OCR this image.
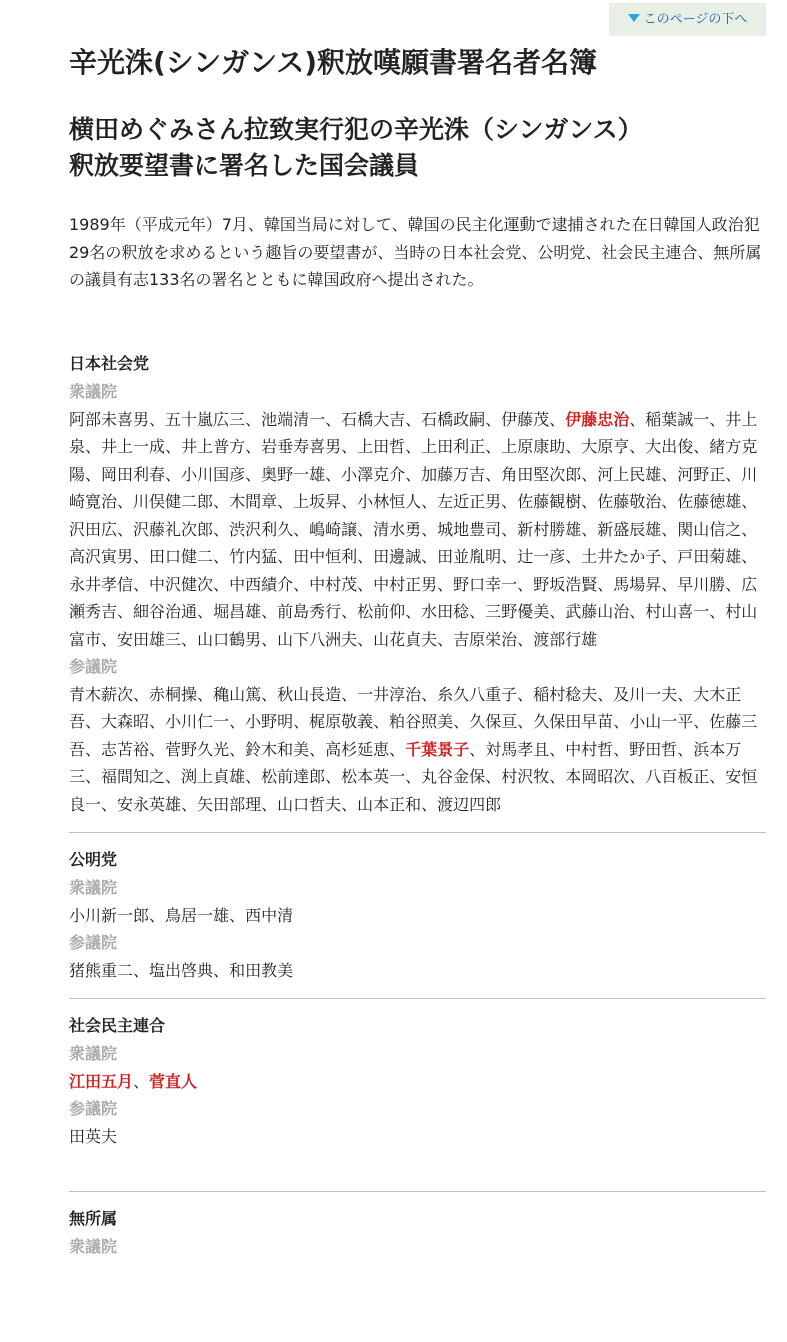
このページの下へ
辛光洙(シンガンス)釈放嘆願書署名者名簿
横田めぐみさん拉致実行犯の辛光洙（シンガンス）
釈放要望書に署名した国会議員

1989年（平成元年）7月、韓国当局に対して、韓国の民主化運動で逮捕された在日韓国人政治犯29名の釈放を求めるという趣旨の要望書が、当時の日本社会党、公明党、社会民主連合、無所属の議員有志133名の署名とともに韓国政府へ提出された。

日本社会党
衆議院

阿部未喜男、五十嵐広三、池端清一、石橋大吉、石橋政嗣、伊藤茂、伊藤忠治、稲葉誠一、井上泉、井上一成、井上普方、岩垂寿喜男、上田哲、上田利正、上原康助、大原亨、大出俊、緒方克陽、岡田利春、小川国彦、奥野一雄、小澤克介、加藤万吉、角田堅次郎、河上民雄、河野正、川崎寛治、川俣健二郎、木間章、上坂昇、小林恒人、左近正男、佐藤観樹、佐藤敬治、佐藤徳雄、沢田広、沢藤礼次郎、渋沢利久、嶋崎譲、清水勇、城地豊司、新村勝雄、新盛辰雄、関山信之、高沢寅男、田口健二、竹内猛、田中恒利、田邊誠、田並胤明、辻一彦、土井たか子、戸田菊雄、永井孝信、中沢健次、中西績介、中村茂、中村正男、野口幸一、野坂浩賢、馬場昇、早川勝、広瀬秀吉、細谷治通、堀昌雄、前島秀行、松前仰、水田稔、三野優美、武藤山治、村山喜一、村山富市、安田雄三、山口鶴男、山下八洲夫、山花貞夫、吉原栄治、渡部行雄

参議院

青木薪次、赤桐操、穐山篤、秋山長造、一井淳治、糸久八重子、稲村稔夫、及川一夫、大木正吾、大森昭、小川仁一、小野明、梶原敬義、粕谷照美、久保亘、久保田早苗、小山一平、佐藤三吾、志苫裕、菅野久光、鈴木和美、高杉延恵、千葉景子、対馬孝且、中村哲、野田哲、浜本万三、福間知之、渕上貞雄、松前達郎、松本英一、丸谷金保、村沢牧、本岡昭次、八百板正、安恒良一、安永英雄、矢田部理、山口哲夫、山本正和、渡辺四郎

公明党
衆議院

小川新一郎、鳥居一雄、西中清

参議院

猪熊重二、塩出啓典、和田教美

社会民主連合
衆議院

江田五月、菅直人

参議院

田英夫

無所属
衆議院
